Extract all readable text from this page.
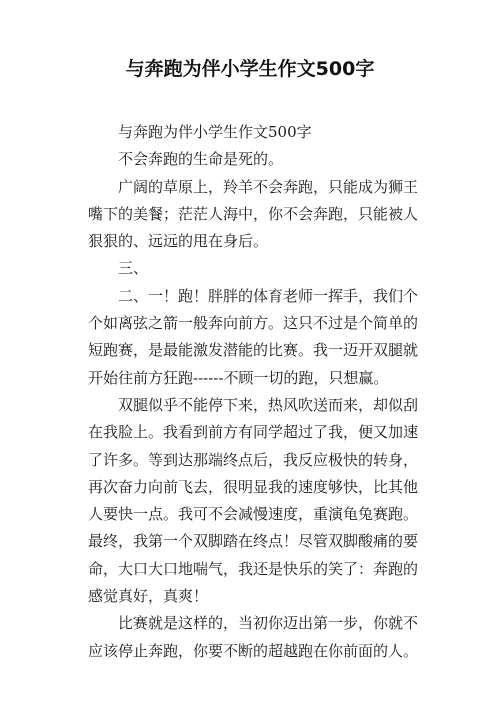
与奔跑为伴小学生作文500字

与奔跑为伴小学生作文500字

不会奔跑的生命是死的。

广阔的草原上，羚羊不会奔跑，只能成为狮王嘴下的美餐；茫茫人海中，你不会奔跑，只能被人狠狠的、远远的甩在身后。

三、

二、一！跑！胖胖的体育老师一挥手，我们个个如离弦之箭一般奔向前方。这只不过是个简单的短跑赛，是最能激发潜能的比赛。我一迈开双腿就开始往前方狂跑------不顾一切的跑，只想赢。

双腿似乎不能停下来，热风吹送而来，却似刮在我脸上。我看到前方有同学超过了我，便又加速了许多。等到达那端终点后，我反应极快的转身，再次奋力向前飞去，很明显我的速度够快，比其他人要快一点。我可不会减慢速度，重演龟兔赛跑。最终，我第一个双脚踏在终点！尽管双脚酸痛的要命，大口大口地喘气，我还是快乐的笑了：奔跑的感觉真好，真爽！

比赛就是这样的，当初你迈出第一步，你就不应该停止奔跑，你要不断的超越跑在你前面的人。
